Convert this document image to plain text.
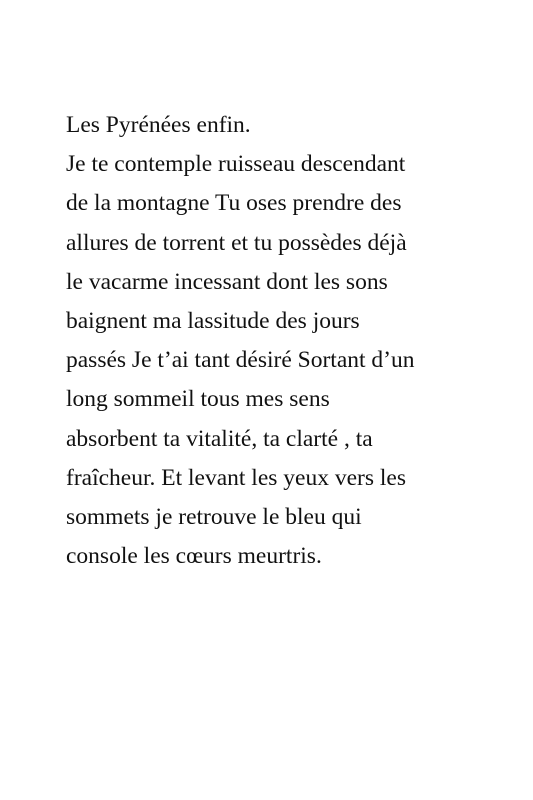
Les Pyrénées enfin.
Je te contemple ruisseau descendant
de la montagne Tu oses prendre des
allures de torrent et tu possèdes déjà
le vacarme incessant dont les sons
baignent ma lassitude des jours
passés Je t’ai tant désiré Sortant d’un
long sommeil tous mes sens
absorbent ta vitalité, ta clarté , ta
fraîcheur. Et levant les yeux vers les
sommets je retrouve le bleu qui
console les cœurs meurtris.
